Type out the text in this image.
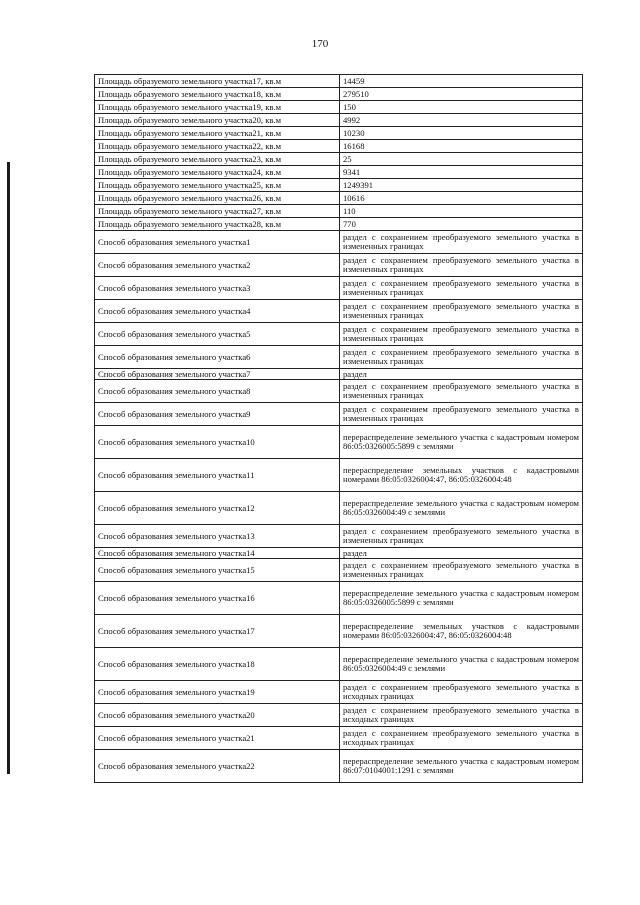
170
Площадь образуемого земельного участка17, кв.м	14459
Площадь образуемого земельного участка18, кв.м	279510
Площадь образуемого земельного участка19, кв.м	150
Площадь образуемого земельного участка20, кв.м	4992
Площадь образуемого земельного участка21, кв.м	10230
Площадь образуемого земельного участка22, кв.м	16168
Площадь образуемого земельного участка23, кв.м	25
Площадь образуемого земельного участка24, кв.м	9341
Площадь образуемого земельного участка25, кв.м	1249391
Площадь образуемого земельного участка26, кв.м	10616
Площадь образуемого земельного участка27, кв.м	110
Площадь образуемого земельного участка28, кв.м	770
Способ образования земельного участка1	раздел с сохранением преобразуемого земельного участка в измененных границах
Способ образования земельного участка2	раздел с сохранением преобразуемого земельного участка в измененных границах
Способ образования земельного участка3	раздел с сохранением преобразуемого земельного участка в измененных границах
Способ образования земельного участка4	раздел с сохранением преобразуемого земельного участка в измененных границах
Способ образования земельного участка5	раздел с сохранением преобразуемого земельного участка в измененных границах
Способ образования земельного участка6	раздел с сохранением преобразуемого земельного участка в измененных границах
Способ образования земельного участка7	раздел
Способ образования земельного участка8	раздел с сохранением преобразуемого земельного участка в измененных границах
Способ образования земельного участка9	раздел с сохранением преобразуемого земельного участка в измененных границах
Способ образования земельного участка10	перераспределение земельного участка с кадастровым номером 86:05:0326005:5899 с землями
Способ образования земельного участка11	перераспределение земельных участков с кадастровыми номерами 86:05:0326004:47, 86:05:0326004:48
Способ образования земельного участка12	перераспределение земельного участка с кадастровым номером 86:05:0326004:49 с землями
Способ образования земельного участка13	раздел с сохранением преобразуемого земельного участка в измененных границах
Способ образования земельного участка14	раздел
Способ образования земельного участка15	раздел с сохранением преобразуемого земельного участка в измененных границах
Способ образования земельного участка16	перераспределение земельного участка с кадастровым номером 86:05:0326005:5899 с землями
Способ образования земельного участка17	перераспределение земельных участков с кадастровыми номерами 86:05:0326004:47, 86:05:0326004:48
Способ образования земельного участка18	перераспределение земельного участка с кадастровым номером 86:05:0326004:49 с землями
Способ образования земельного участка19	раздел с сохранением преобразуемого земельного участка в исходных границах
Способ образования земельного участка20	раздел с сохранением преобразуемого земельного участка в исходных границах
Способ образования земельного участка21	раздел с сохранением преобразуемого земельного участка в исходных границах
Способ образования земельного участка22	перераспределение земельного участка с кадастровым номером 86:07:0104001:1291 с землями
